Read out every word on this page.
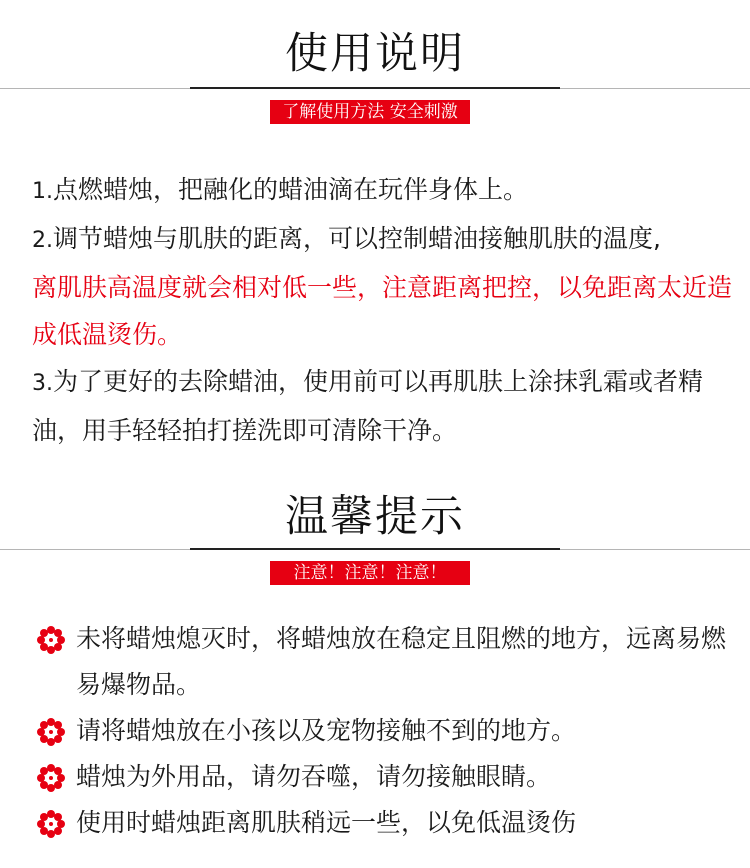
使用说明
了解使用方法 安全刺激
1.点燃蜡烛，把融化的蜡油滴在玩伴身体上。
2.调节蜡烛与肌肤的距离，可以控制蜡油接触肌肤的温度,
离肌肤高温度就会相对低一些，注意距离把控，以免距离太近造成低温烫伤。
3.为了更好的去除蜡油，使用前可以再肌肤上涂抹乳霜或者精油，用手轻轻拍打搓洗即可清除干净。
温馨提示
注意！注意！注意！
未将蜡烛熄灭时，将蜡烛放在稳定且阻燃的地方，远离易燃易爆物品。
请将蜡烛放在小孩以及宠物接触不到的地方。
蜡烛为外用品，请勿吞噬，请勿接触眼睛。
使用时蜡烛距离肌肤稍远一些，以免低温烫伤
